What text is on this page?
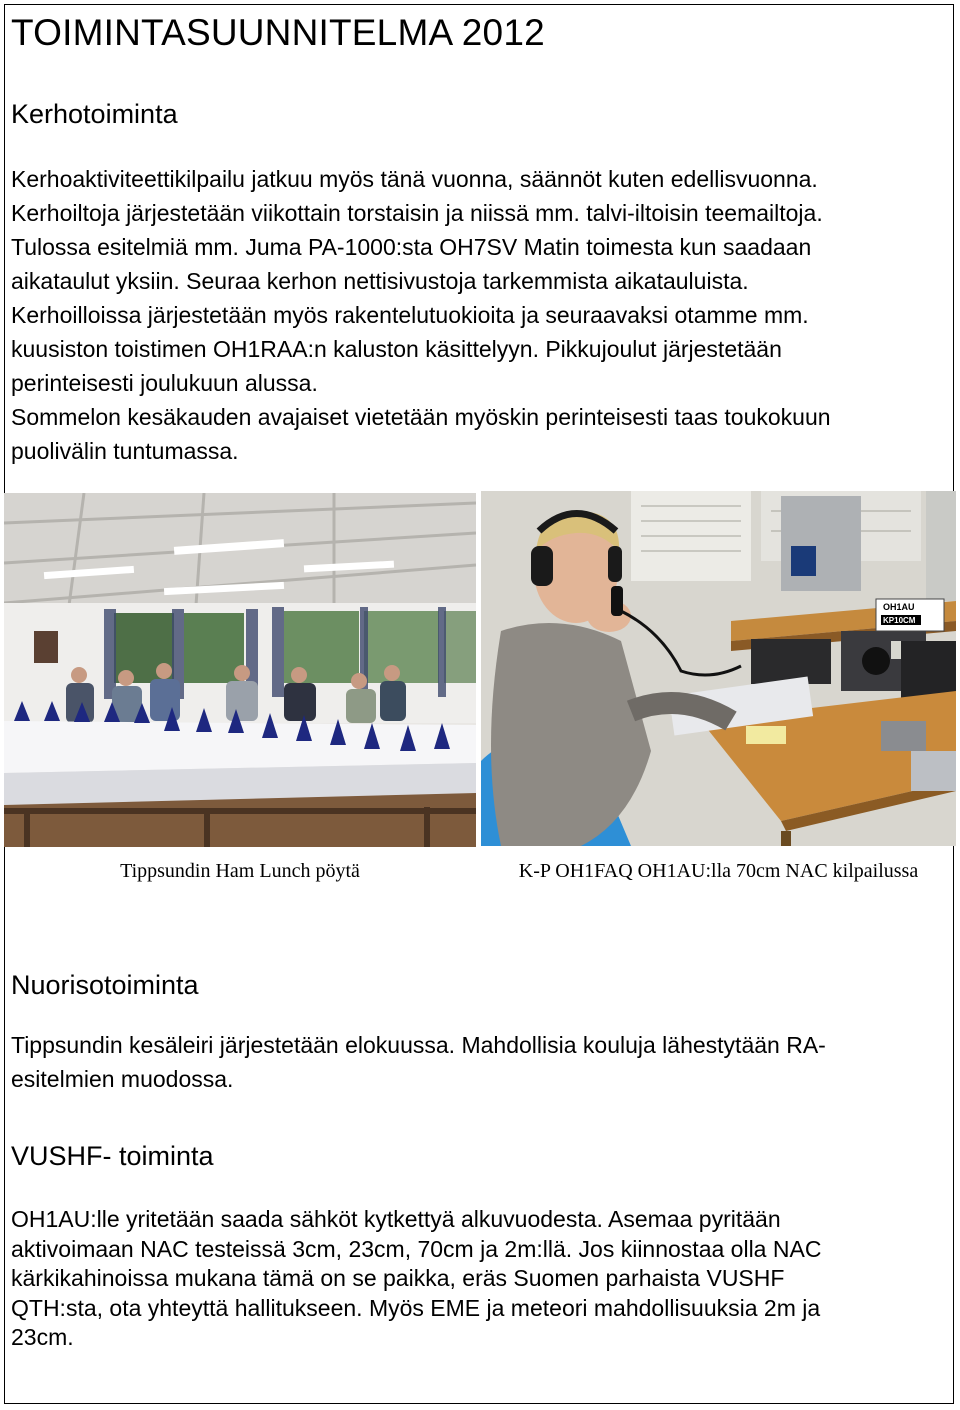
TOIMINTASUUNNITELMA 2012
Kerhotoiminta

Kerhoaktiviteettikilpailu jatkuu myös tänä vuonna, säännöt kuten edellisvuonna.
Kerhoiltoja järjestetään viikottain torstaisin ja niissä mm. talvi-iltoisin teemailtoja.
Tulossa esitelmiä mm. Juma PA-1000:sta OH7SV Matin toimesta kun saadaan
aikataulut yksiin. Seuraa kerhon nettisivustoja tarkemmista aikatauluista.
Kerhoilloissa järjestetään myös rakentelutuokioita ja seuraavaksi otamme mm.
kuusiston toistimen OH1RAA:n kaluston käsittelyyn. Pikkujoulut järjestetään
perinteisesti joulukuun alussa.
Sommelon kesäkauden avajaiset vietetään myöskin perinteisesti taas toukokuun
puolivälin tuntumassa.

OH1AU
KP10CM
Tippsundin Ham Lunch pöytä	K-P OH1FAQ OH1AU:lla 70cm NAC kilpailussa
Nuorisotoiminta

Tippsundin kesäleiri järjestetään elokuussa. Mahdollisia kouluja lähestytään RA-
esitelmien muodossa.

VUSHF- toiminta

OH1AU:lle yritetään saada sähköt kytkettyä alkuvuodesta. Asemaa pyritään
aktivoimaan NAC testeissä 3cm, 23cm, 70cm ja 2m:llä. Jos kiinnostaa olla NAC
kärkikahinoissa mukana tämä on se paikka, eräs Suomen parhaista VUSHF
QTH:sta, ota yhteyttä hallitukseen. Myös EME ja meteori mahdollisuuksia 2m ja
23cm.
